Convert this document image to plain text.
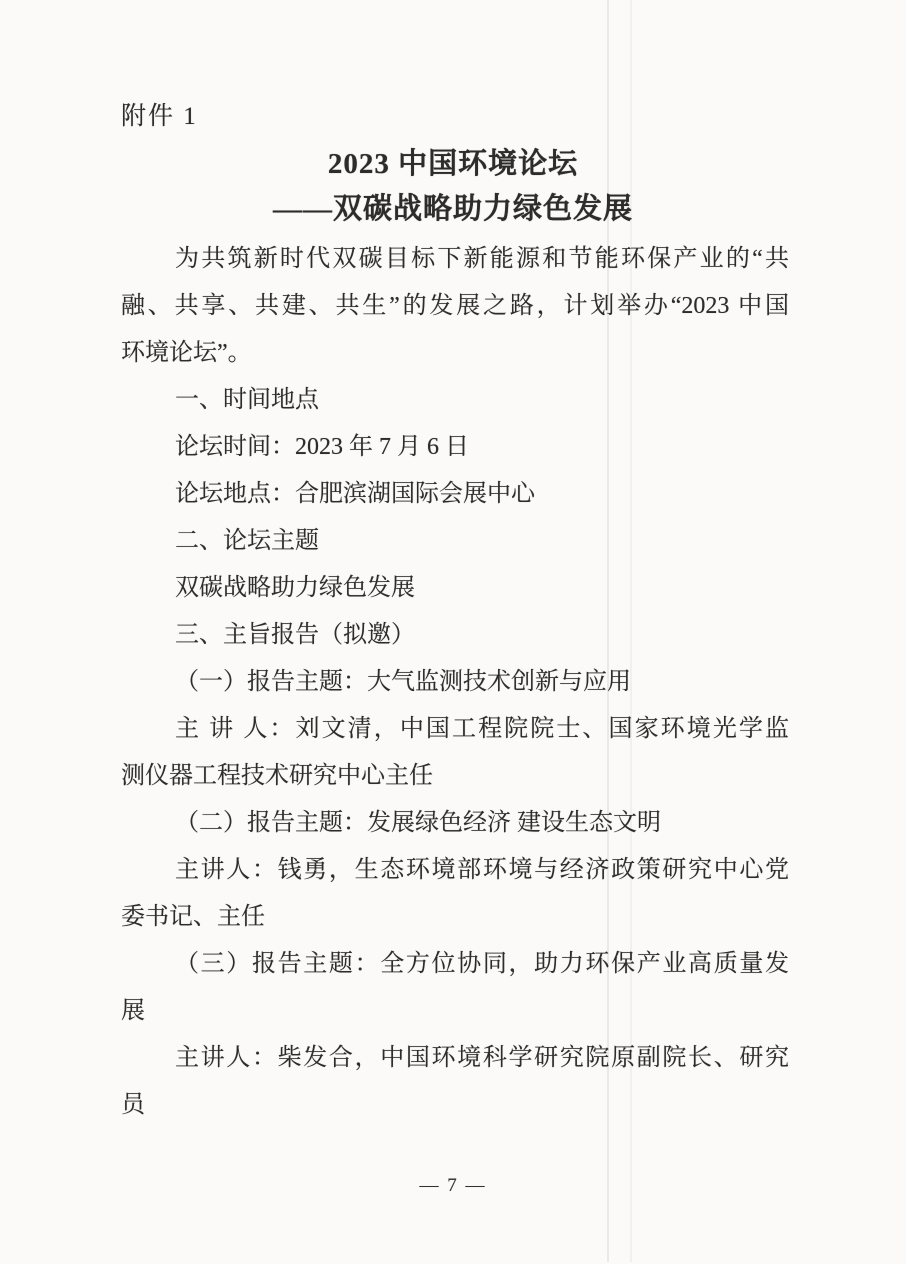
附件 1
2023 中国环境论坛
——双碳战略助力绿色发展
为共筑新时代双碳目标下新能源和节能环保产业的“共
融、共享、共建、共生”的发展之路，计划举办“2023 中国
环境论坛”。
一、时间地点
论坛时间：2023 年 7 月 6 日
论坛地点：合肥滨湖国际会展中心
二、论坛主题
双碳战略助力绿色发展
三、主旨报告（拟邀）
（一）报告主题：大气监测技术创新与应用
主 讲 人：刘文清，中国工程院院士、国家环境光学监
测仪器工程技术研究中心主任
（二）报告主题：发展绿色经济 建设生态文明
主讲人：钱勇，生态环境部环境与经济政策研究中心党
委书记、主任
（三）报告主题：全方位协同，助力环保产业高质量发
展
主讲人：柴发合，中国环境科学研究院原副院长、研究
员
— 7 —
